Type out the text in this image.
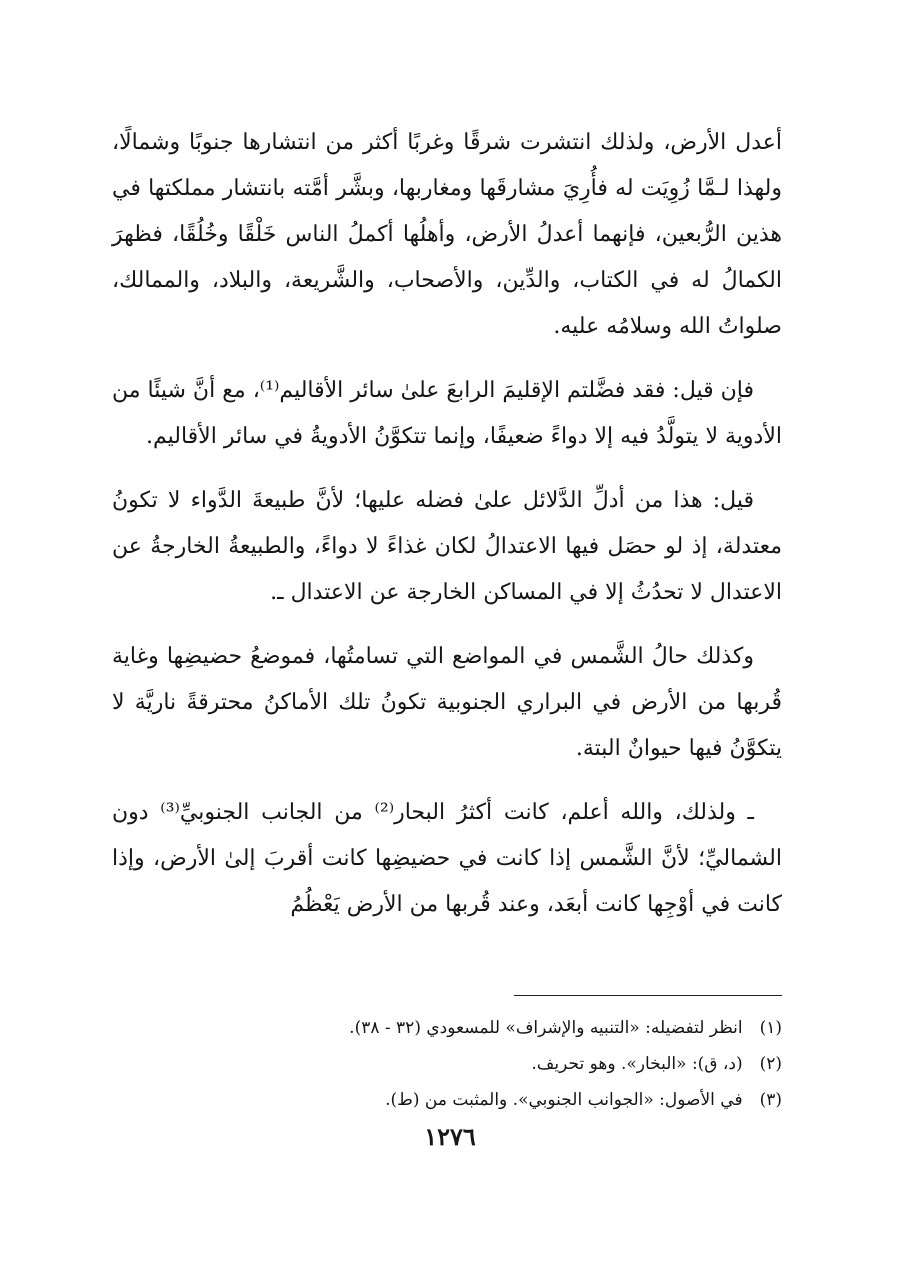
أعدل الأرض، ولذلك انتشرت شرقًا وغربًا أكثر من انتشارها جنوبًا وشمالًا، ولهذا لـمَّا زُوِيَت له فأُرِيَ مشارقَها ومغاربها، وبشَّر أمَّته بانتشار مملكتها في هذين الرُّبعين، فإنهما أعدلُ الأرض، وأهلُها أكملُ الناس خَلْقًا وخُلُقًا، فظهرَ الكمالُ له في الكتاب، والدِّين، والأصحاب، والشَّريعة، والبلاد، والممالك، صلواتُ الله وسلامُه عليه.

فإن قيل: فقد فضَّلتم الإقليمَ الرابعَ علىٰ سائر الأقاليم⁽¹⁾، مع أنَّ شيئًا من الأدوية لا يتولَّدُ فيه إلا دواءً ضعيفًا، وإنما تتكوَّنُ الأدويةُ في سائر الأقاليم.

قيل: هذا من أدلِّ الدَّلائل علىٰ فضله عليها؛ لأنَّ طبيعةَ الدَّواء لا تكونُ معتدلة، إذ لو حصَل فيها الاعتدالُ لكان غذاءً لا دواءً، والطبيعةُ الخارجةُ عن الاعتدال لا تحدُثُ إلا في المساكن الخارجة عن الاعتدال ـ.

وكذلك حالُ الشَّمس في المواضع التي تسامتُها، فموضعُ حضيضِها وغاية قُربها من الأرض في البراري الجنوبية تكونُ تلك الأماكنُ محترقةً ناريَّة لا يتكوَّنُ فيها حيوانٌ البتة.

ـ ولذلك، والله أعلم، كانت أكثرُ البحار⁽²⁾ من الجانب الجنوبيِّ⁽³⁾ دون الشماليِّ؛ لأنَّ الشَّمس إذا كانت في حضيضِها كانت أقربَ إلىٰ الأرض، وإذا كانت في أوْجِها كانت أبعَد، وعند قُربها من الأرض يَعْظُمُ

(١) انظر لتفضيله: «التنبيه والإشراف» للمسعودي (٣٢ - ٣٨).

(٢) (د، ق): «البخار». وهو تحريف.

(٣) في الأصول: «الجوانب الجنوبي». والمثبت من (ط).

١٢٧٦
